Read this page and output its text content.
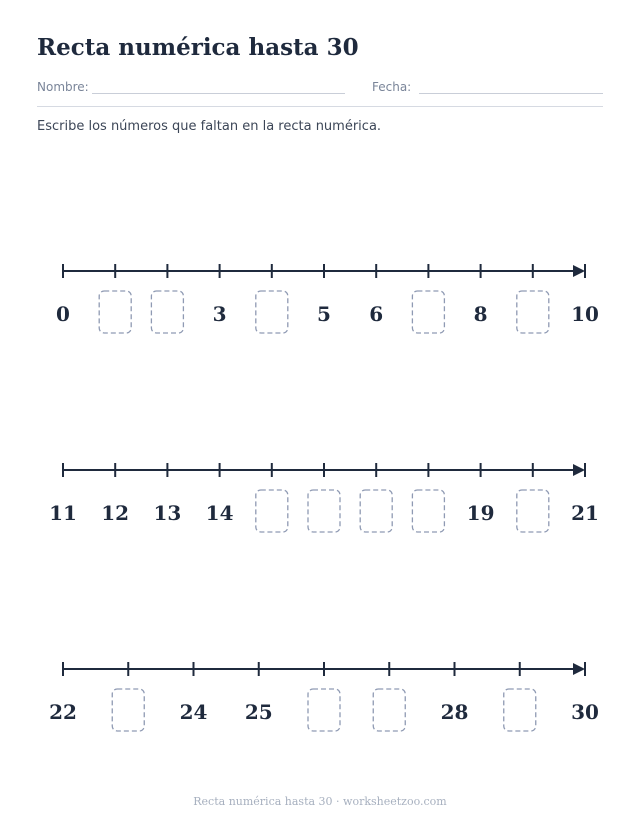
Recta numérica hasta 30
Nombre:	Fecha:

Escribe los números que faltan en la recta numérica.

0	3	5 6	8	10
11 12 13 14	19	21
22	24 25	28	30
Recta numérica hasta 30 · worksheetzoo.com
